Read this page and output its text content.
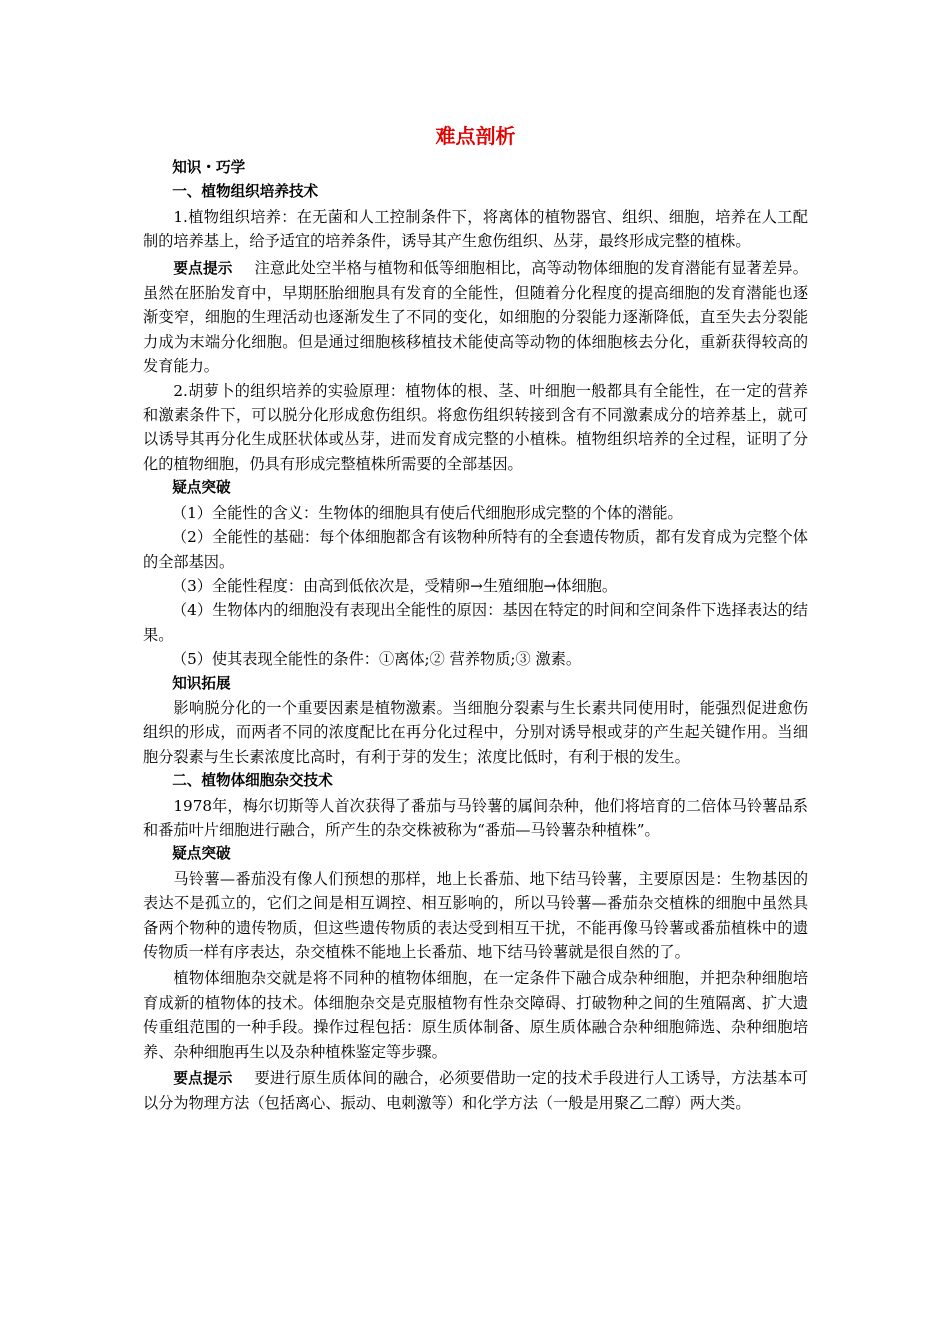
难点剖析
知识・巧学
一、植物组织培养技术

1.植物组织培养：在无菌和人工控制条件下，将离体的植物器官、组织、细胞，培养在人工配制的培养基上，给予适宜的培养条件，诱导其产生愈伤组织、丛芽，最终形成完整的植株。

要点提示 注意此处空半格与植物和低等细胞相比，高等动物体细胞的发育潜能有显著差异。虽然在胚胎发育中，早期胚胎细胞具有发育的全能性，但随着分化程度的提高细胞的发育潜能也逐渐变窄，细胞的生理活动也逐渐发生了不同的变化，如细胞的分裂能力逐渐降低，直至失去分裂能力成为末端分化细胞。但是通过细胞核移植技术能使高等动物的体细胞核去分化，重新获得较高的发育能力。

2.胡萝卜的组织培养的实验原理：植物体的根、茎、叶细胞一般都具有全能性，在一定的营养和激素条件下，可以脱分化形成愈伤组织。将愈伤组织转接到含有不同激素成分的培养基上，就可以诱导其再分化生成胚状体或丛芽，进而发育成完整的小植株。植物组织培养的全过程，证明了分化的植物细胞，仍具有形成完整植株所需要的全部基因。

疑点突破

（1）全能性的含义：生物体的细胞具有使后代细胞形成完整的个体的潜能。

（2）全能性的基础：每个体细胞都含有该物种所特有的全套遗传物质，都有发育成为完整个体的全部基因。

（3）全能性程度：由高到低依次是，受精卵→生殖细胞→体细胞。

（4）生物体内的细胞没有表现出全能性的原因：基因在特定的时间和空间条件下选择表达的结果。

（5）使其表现全能性的条件：①离体;② 营养物质;③ 激素。

知识拓展

影响脱分化的一个重要因素是植物激素。当细胞分裂素与生长素共同使用时，能强烈促进愈伤组织的形成，而两者不同的浓度配比在再分化过程中，分别对诱导根或芽的产生起关键作用。当细胞分裂素与生长素浓度比高时，有利于芽的发生；浓度比低时，有利于根的发生。

二、植物体细胞杂交技术

1978年，梅尔切斯等人首次获得了番茄与马铃薯的属间杂种，他们将培育的二倍体马铃薯品系和番茄叶片细胞进行融合，所产生的杂交株被称为“番茄—马铃薯杂种植株”。

疑点突破

马铃薯—番茄没有像人们预想的那样，地上长番茄、地下结马铃薯，主要原因是：生物基因的表达不是孤立的，它们之间是相互调控、相互影响的，所以马铃薯—番茄杂交植株的细胞中虽然具备两个物种的遗传物质，但这些遗传物质的表达受到相互干扰，不能再像马铃薯或番茄植株中的遗传物质一样有序表达，杂交植株不能地上长番茄、地下结马铃薯就是很自然的了。

植物体细胞杂交就是将不同种的植物体细胞，在一定条件下融合成杂种细胞，并把杂种细胞培育成新的植物体的技术。体细胞杂交是克服植物有性杂交障碍、打破物种之间的生殖隔离、扩大遗传重组范围的一种手段。操作过程包括：原生质体制备、原生质体融合杂种细胞筛选、杂种细胞培养、杂种细胞再生以及杂种植株鉴定等步骤。

要点提示 要进行原生质体间的融合，必须要借助一定的技术手段进行人工诱导，方法基本可以分为物理方法（包括离心、振动、电刺激等）和化学方法（一般是用聚乙二醇）两大类。
